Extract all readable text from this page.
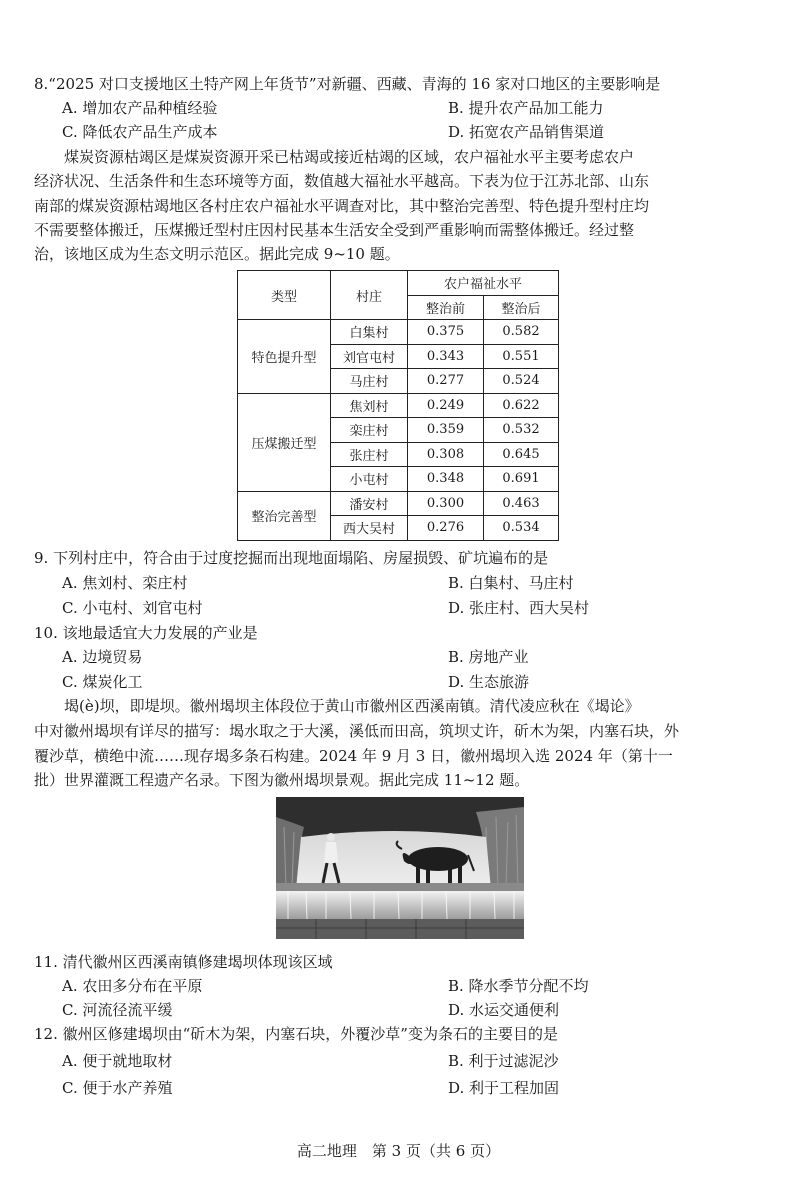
8.“2025 对口支援地区土特产网上年货节”对新疆、西藏、青海的 16 家对口地区的主要影响是
A. 增加农产品种植经验	B. 提升农产品加工能力
C. 降低农产品生产成本	D. 拓宽农产品销售渠道
煤炭资源枯竭区是煤炭资源开采已枯竭或接近枯竭的区域，农户福祉水平主要考虑农户
经济状况、生活条件和生态环境等方面，数值越大福祉水平越高。下表为位于江苏北部、山东
南部的煤炭资源枯竭地区各村庄农户福祉水平调查对比，其中整治完善型、特色提升型村庄均
不需要整体搬迁，压煤搬迁型村庄因村民基本生活安全受到严重影响而需整体搬迁。经过整
治，该地区成为生态文明示范区。据此完成 9~10 题。
类型	村庄	农户福祉水平	
		整治前	整治后
特色提升型	白集村	0.375	0.582
	刘官屯村	0.343	0.551
	马庄村	0.277	0.524
压煤搬迁型	焦刘村	0.249	0.622
	栾庄村	0.359	0.532
	张庄村	0.308	0.645
	小屯村	0.348	0.691
整治完善型	潘安村	0.300	0.463
	西大吴村	0.276	0.534
9. 下列村庄中，符合由于过度挖掘而出现地面塌陷、房屋损毁、矿坑遍布的是
A. 焦刘村、栾庄村	B. 白集村、马庄村
C. 小屯村、刘官屯村	D. 张庄村、西大吴村
10. 该地最适宜大力发展的产业是
A. 边境贸易	B. 房地产业
C. 煤炭化工	D. 生态旅游
堨(è)坝，即堤坝。徽州堨坝主体段位于黄山市徽州区西溪南镇。清代凌应秋在《堨论》
中对徽州堨坝有详尽的描写：堨水取之于大溪，溪低而田高，筑坝丈许，斫木为架，内塞石块，外
覆沙草，横绝中流……现存堨多条石构建。2024 年 9 月 3 日，徽州堨坝入选 2024 年（第十一
批）世界灌溉工程遗产名录。下图为徽州堨坝景观。据此完成 11~12 题。
11. 清代徽州区西溪南镇修建堨坝体现该区域
A. 农田多分布在平原	B. 降水季节分配不均
C. 河流径流平缓	D. 水运交通便利
12. 徽州区修建堨坝由“斫木为架，内塞石块，外覆沙草”变为条石的主要目的是
A. 便于就地取材	B. 利于过滤泥沙
C. 便于水产养殖	D. 利于工程加固
高二地理　第 3 页（共 6 页）
